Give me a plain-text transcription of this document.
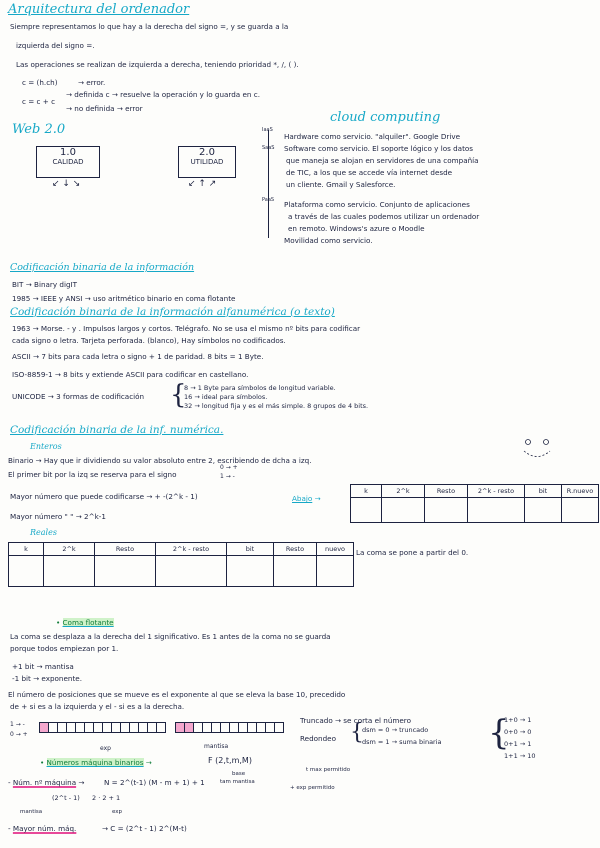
Arquitectura del ordenador
Siempre representamos lo que hay a la derecha del signo =, y se guarda a la
izquierda del signo =.
Las operaciones se realizan de izquierda a derecha, teniendo prioridad *, /, ( ).
c = (h.ch)	→ error.
c = c + c
→ definida c → resuelve la operación y lo guarda en c.
→ no definida → error
Web 2.0
1.0
CALIDAD
↙ ↓ ↘
2.0
UTILIDAD
↙ ↑ ↗
cloud computing
IaaS
Hardware como servicio. "alquiler". Google Drive
SaaS Software como servicio. El soporte lógico y los datos
que maneja se alojan en servidores de una compañía
de TIC, a los que se accede vía internet desde
un cliente. Gmail y Salesforce.
PaaS Plataforma como servicio. Conjunto de aplicaciones
a través de las cuales podemos utilizar un ordenador
en remoto. Windows's azure o Moodle
Movilidad como servicio.
Codificación binaria de la información
BIT → Binary digIT
1985 → IEEE y ANSI → uso aritmético binario en coma flotante
Codificación binaria de la información alfanumérica (o texto)
1963 → Morse. - y . Impulsos largos y cortos. Telégrafo. No se usa el mismo nº bits para codificar
cada signo o letra. Tarjeta perforada. (blanco), Hay símbolos no codificados.
ASCII → 7 bits para cada letra o signo + 1 de paridad. 8 bits = 1 Byte.
ISO-8859-1 → 8 bits y extiende ASCII para codificar en castellano.
UNICODE → 3 formas de codificación {
8 → 1 Byte para símbolos de longitud variable.
16 → ideal para símbolos.
32 → longitud fija y es el más simple. 8 grupos de 4 bits.
Codificación binaria de la inf. numérica.
Enteros
Binario → Hay que ir dividiendo su valor absoluto entre 2, escribiendo de dcha a izq.
El primer bit por la izq se reserva para el signo
0 → +
1 → -
Mayor número que puede codificarse → + -(2^k - 1)
Mayor número " " → 2^k-1
Abajo →
k	2^k	Resto	2^k - resto	bit	R.nuevo

Reales
k	2^k	Resto	2^k - resto	bit	Resto	nuevo
						La coma se pone a partir del 0.
• Coma flotante
La coma se desplaza a la derecha del 1 significativo. Es 1 antes de la coma no se guarda
porque todos empiezan por 1.
+1 bit → mantisa
-1 bit → exponente.
El número de posiciones que se mueve es el exponente al que se eleva la base 10, precedido
de + si es a la izquierda y el - si es a la derecha.
1 → -
0 → +
exp	mantisa
Truncado → se corta el número
Redondeo {
dsm = 0 → truncado
dsm = 1 → suma binaria {
1+0 → 1
0+0 → 0
0+1 → 1
1+1 → 10
• Números máquina binarios →	F (2,t,m,M)
base
t max permitido
tam mantisa
+ exp permitido
- Núm. nº máquina →	N = 2^(t-1) (M - m + 1) + 1
(2^t - 1) 2 · 2 + 1
mantisa	exp
- Mayor núm. máq.	→ C = (2^t - 1) 2^(M-t)
